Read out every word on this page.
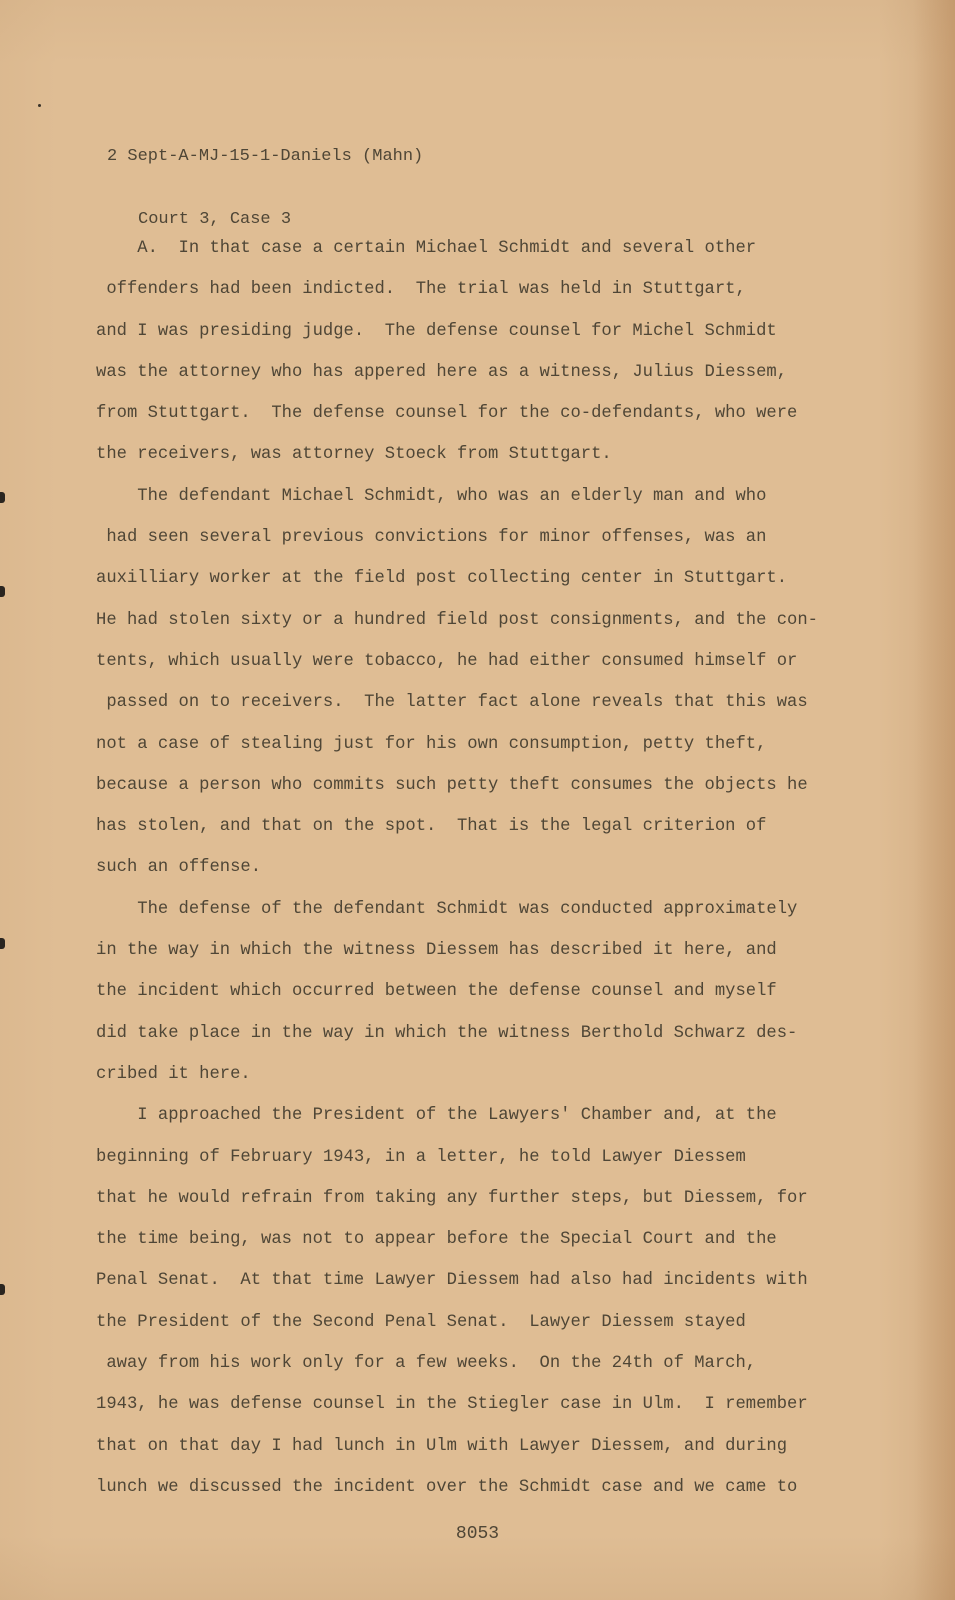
2 Sept-A-MJ-15-1-Daniels (Mahn)

Court 3, Case 3

A.  In that case a certain Michael Schmidt and several other
offenders had been indicted.  The trial was held in Stuttgart,
and I was presiding judge.  The defense counsel for Michel Schmidt
was the attorney who has appered here as a witness, Julius Diessem,
from Stuttgart.  The defense counsel for the co-defendants, who were
the receivers, was attorney Stoeck from Stuttgart.
The defendant Michael Schmidt, who was an elderly man and who
had seen several previous convictions for minor offenses, was an
auxilliary worker at the field post collecting center in Stuttgart.
He had stolen sixty or a hundred field post consignments, and the con-
tents, which usually were tobacco, he had either consumed himself or
passed on to receivers.  The latter fact alone reveals that this was
not a case of stealing just for his own consumption, petty theft,
because a person who commits such petty theft consumes the objects he
has stolen, and that on the spot.  That is the legal criterion of
such an offense.
The defense of the defendant Schmidt was conducted approximately
in the way in which the witness Diessem has described it here, and
the incident which occurred between the defense counsel and myself
did take place in the way in which the witness Berthold Schwarz des-
cribed it here.
I approached the President of the Lawyers' Chamber and, at the
beginning of February 1943, in a letter, he told Lawyer Diessem
that he would refrain from taking any further steps, but Diessem, for
the time being, was not to appear before the Special Court and the
Penal Senat.  At that time Lawyer Diessem had also had incidents with
the President of the Second Penal Senat.  Lawyer Diessem stayed
away from his work only for a few weeks.  On the 24th of March,
1943, he was defense counsel in the Stiegler case in Ulm.  I remember
that on that day I had lunch in Ulm with Lawyer Diessem, and during
lunch we discussed the incident over the Schmidt case and we came to
8053
